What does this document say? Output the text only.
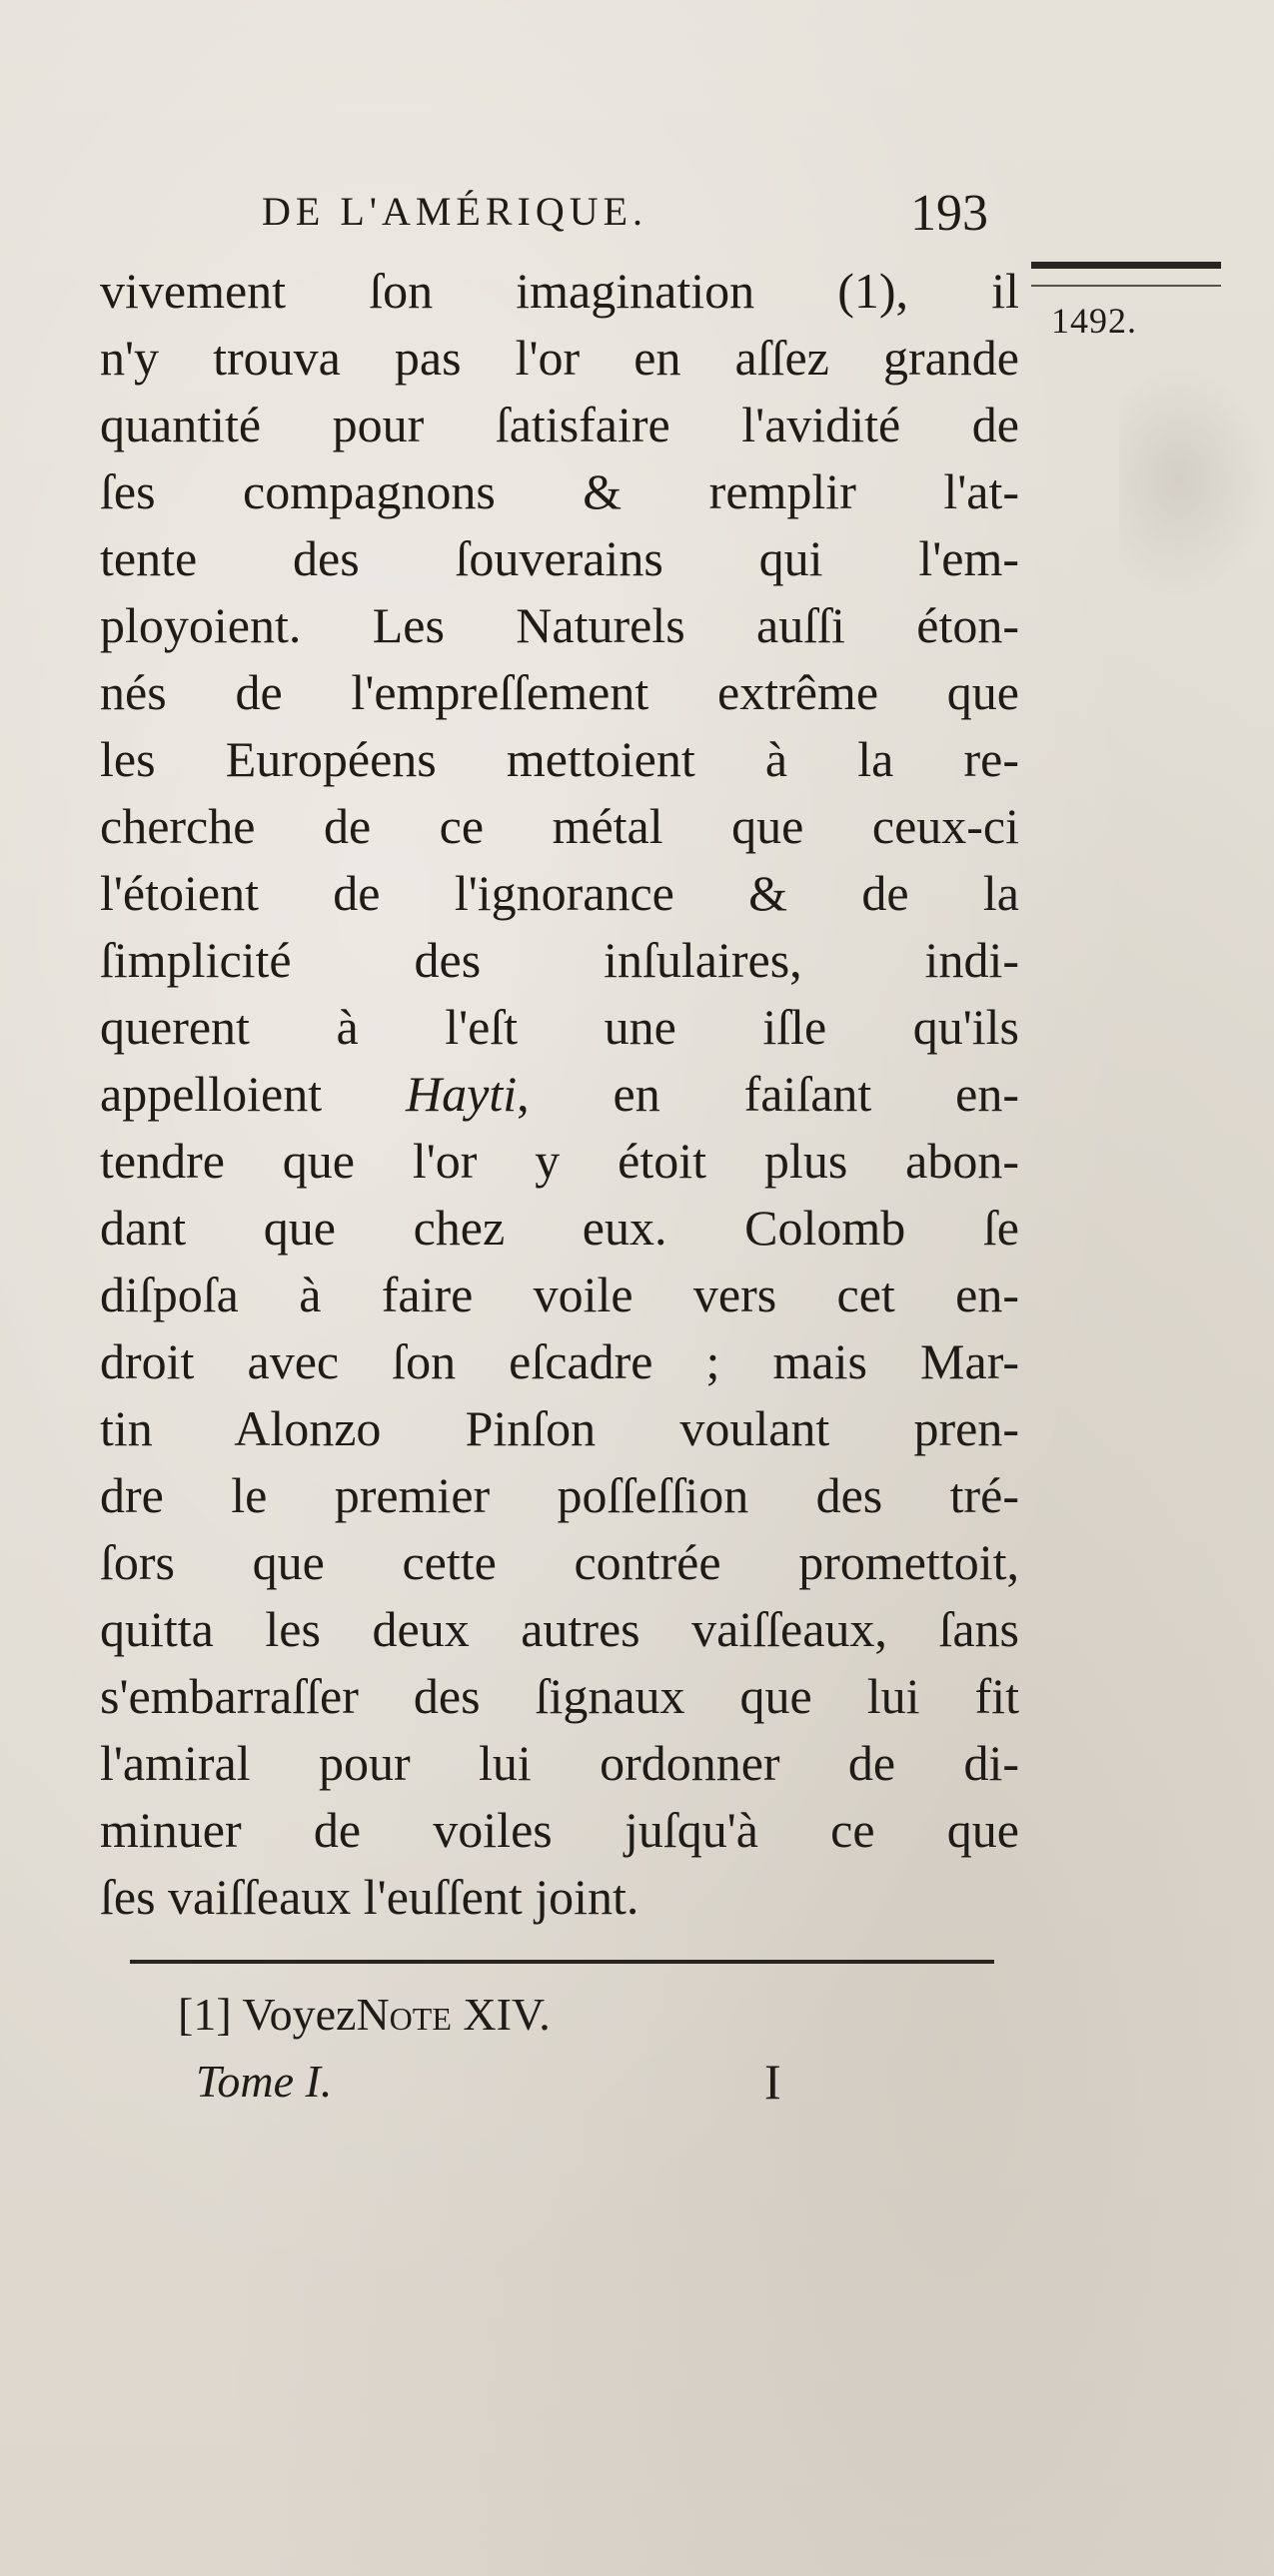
DE L'AMÉRIQUE.	193
1492.
vivement ſon imagination (1), il
n'y trouva pas l'or en aſſez grande
quantité pour ſatisfaire l'avidité de
ſes compagnons & remplir l'at-
tente des ſouverains qui l'em-
ployoient. Les Naturels auſſi éton-
nés de l'empreſſement extrême que
les Européens mettoient à la re-
cherche de ce métal que ceux-ci
l'étoient de l'ignorance & de la
ſimplicité des inſulaires, indi-
querent à l'eſt une iſle qu'ils
appelloient Hayti, en faiſant en-
tendre que l'or y étoit plus abon-
dant que chez eux. Colomb ſe
diſpoſa à faire voile vers cet en-
droit avec ſon eſcadre ; mais Mar-
tin Alonzo Pinſon voulant pren-
dre le premier poſſeſſion des tré-
ſors que cette contrée promettoit,
quitta les deux autres vaiſſeaux, ſans
s'embarraſſer des ſignaux que lui fit
l'amiral pour lui ordonner de di-
minuer de voiles juſqu'à ce que
ſes vaiſſeaux l'euſſent joint.
[1] VoyezNote XIV.
Tome I.	I
